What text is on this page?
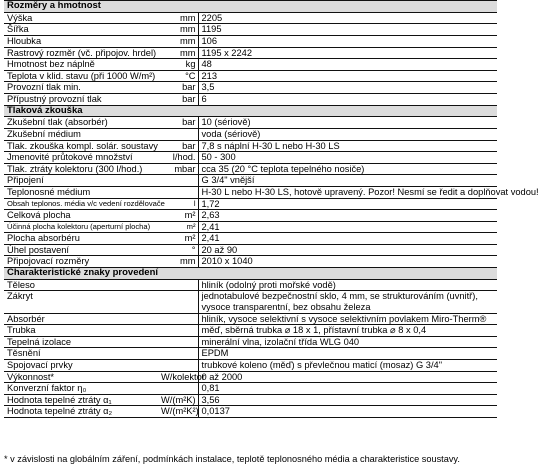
Rozměry a hmotnost		
Výška	mm	2205
Šířka	mm	1195
Hloubka	mm	106
Rastrový rozměr (vč. připojov. hrdel)	mm	1195 x 2242
Hmotnost bez náplně	kg	48
Teplota v klid. stavu (při 1000 W/m²)	°C	213
Provozní tlak min.	bar	3,5
Přípustný provozní tlak	bar	6
Tlaková zkouška		
Zkušební tlak (absorbér)	bar	10 (sériově)
Zkušební médium		voda (sériově)
Tlak. zkouška kompl. solár. soustavy	bar	7,8 s náplní H-30 L nebo H-30 LS
Jmenovité průtokové množství	l/hod.	50 - 300
Tlak. ztráty kolektoru (300 l/hod.)	mbar	cca 35 (20 °C teplota tepelného nosiče)
Připojení		G 3/4" vnější
Teplonosné médium		H-30 L nebo H-30 LS, hotově upravený. Pozor! Nesmí se ředit a doplňovat vodou!
Obsah teplonos. média v/c vedení rozdělovače	l	1,72
Celková plocha	m²	2,63
Účinná plocha kolektoru (aperturní plocha)	m²	2,41
Plocha absorbéru	m²	2,41
Úhel postavení	°	20 až 90
Připojovací rozměry	mm	2010 x 1040
Charakteristické znaky provedení		
Těleso		hliník (odolný proti mořské vodě)
Zákryt		jednotabulové bezpečnostní sklo, 4 mm, se strukturováním (uvnitř), vysoce transparentní, bez obsahu železa
Absorbér		hliník, vysoce selektivní s vysoce selektivním povlakem Miro-Therm®
Trubka		měď, sběrná trubka ⌀ 18 x 1, přístavní trubka ⌀ 8 x 0,4
Tepelná izolace		minerální vlna, izolační třída WLG 040
Těsnění		EPDM
Spojovací prvky		trubkové koleno (měď) s převlečnou maticí (mosaz) G 3/4"
Výkonnost*	W/kolektor	0 až 2000
Konverzní faktor η₀		0,81
Hodnota tepelné ztráty α₁	W/(m²K)	3,56
Hodnota tepelné ztráty α₂	W/(m²K²)	0,0137
* v závislosti na globálním záření, podmínkách instalace, teplotě teplonosného média a charakteristice soustavy.
